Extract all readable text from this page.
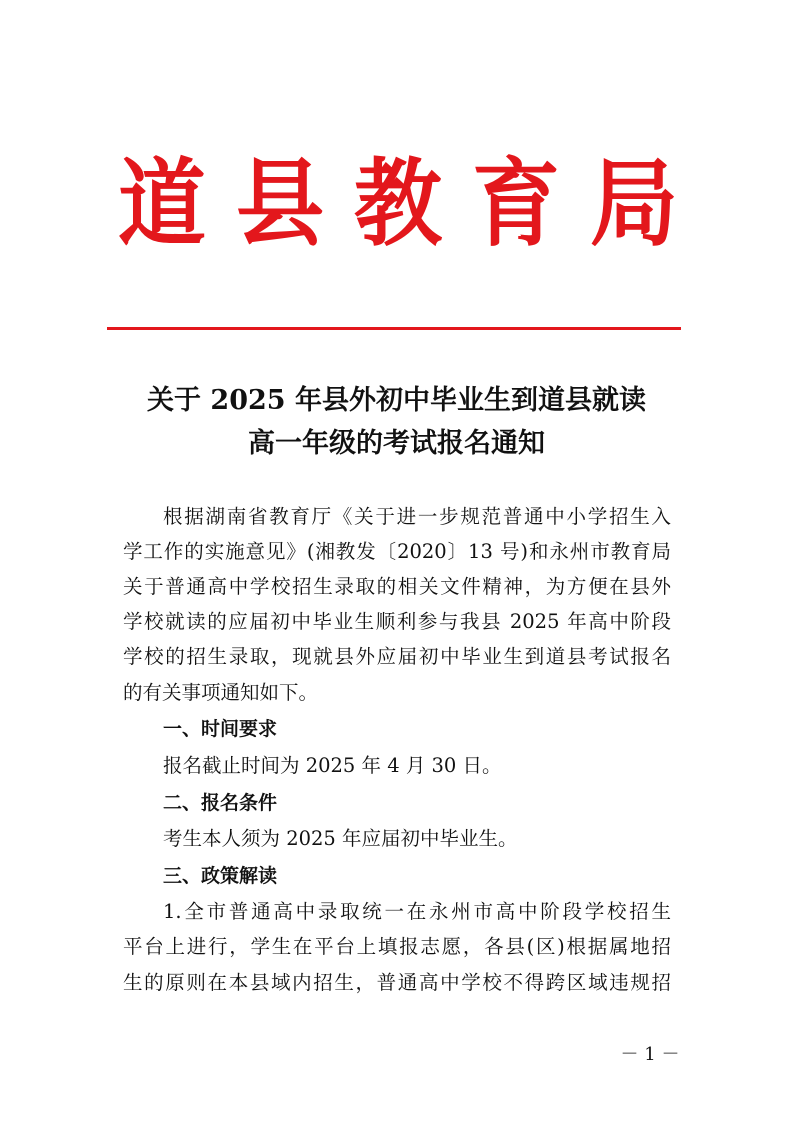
道 县 教 育 局
关于 2025 年县外初中毕业生到道县就读
高一年级的考试报名通知
根据湖南省教育厅《关于进一步规范普通中小学招生入
学工作的实施意见》(湘教发〔2020〕13 号)和永州市教育局
关于普通高中学校招生录取的相关文件精神，为方便在县外
学校就读的应届初中毕业生顺利参与我县 2025 年高中阶段
学校的招生录取，现就县外应届初中毕业生到道县考试报名
的有关事项通知如下。
一、时间要求
报名截止时间为 2025 年 4 月 30 日。
二、报名条件
考生本人须为 2025 年应届初中毕业生。
三、政策解读
1.全市普通高中录取统一在永州市高中阶段学校招生
平台上进行，学生在平台上填报志愿，各县(区)根据属地招
生的原则在本县域内招生，普通高中学校不得跨区域违规招
－ 1 －
